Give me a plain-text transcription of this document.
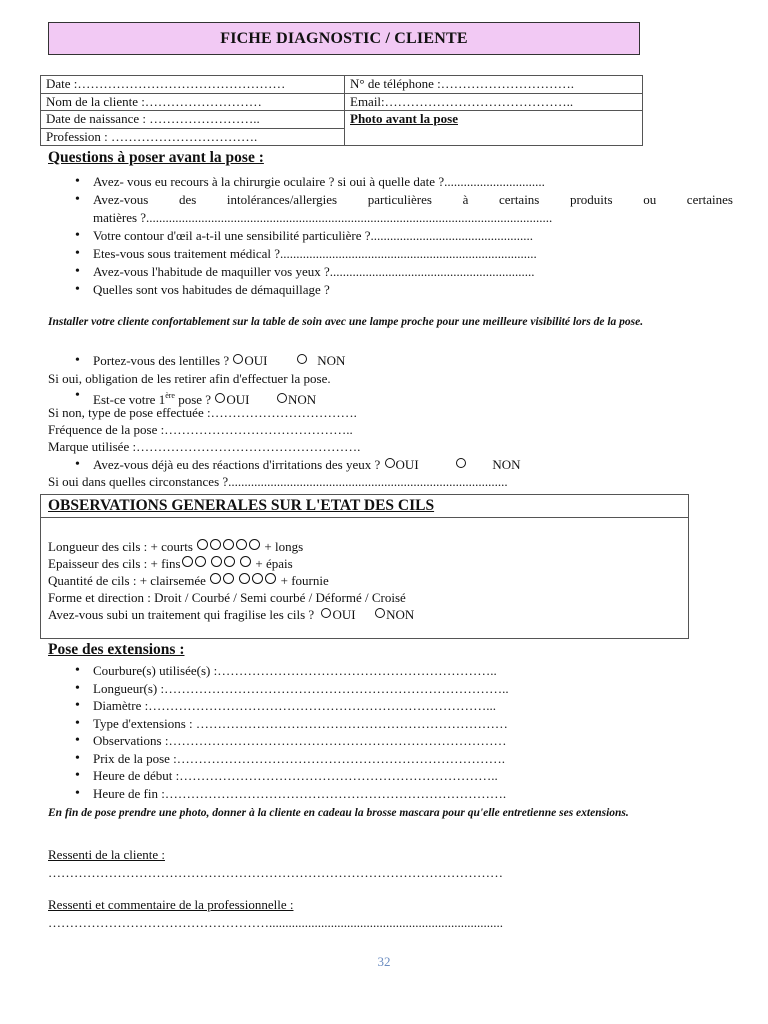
FICHE DIAGNOSTIC / CLIENTE
Date :…………………………………………	N° de téléphone :………………………….
Nom de la cliente :………………………	Email:……………………………………..
Date de naissance : ……………………..	Photo avant la pose
Profession : …………………………….	
Questions à poser avant la pose :
• Avez- vous eu recours à la chirurgie oculaire ? si oui à quelle date ?...............................
• Avez-vous des intolérances/allergies particulières à certains produits ou certaines
matières ?.............................................................................................................................
• Votre contour d'œil a-t-il une sensibilité particulière ?..................................................
• Etes-vous sous traitement médical ?...............................................................................
• Avez-vous l'habitude de maquiller vos yeux ?...............................................................
• Quelles sont vos habitudes de démaquillage ?
Installer votre cliente confortablement sur la table de soin avec une lampe proche pour une meilleure visibilité lors de la pose.
• Portez-vous des lentilles ? OUI	NON
Si oui, obligation de les retirer afin d'effectuer la pose.
• Est-ce votre 1ère pose ? OUI	NON
Si non, type de pose effectuée :…………………………….
Fréquence de la pose :……………………………………..
Marque utilisée :…………………………………………….
• Avez-vous déjà eu des réactions d'irritations des yeux ? OUI	NON
Si oui dans quelles circonstances ?......................................................................................
OBSERVATIONS GENERALES SUR L'ETAT DES CILS
Longueur des cils : + courts	+ longs
Epaisseur des cils : + fins	+ épais
Quantité de cils : + clairsemée	+ fournie
Forme et direction : Droit / Courbé / Semi courbé / Déformé / Croisé
Avez-vous subi un traitement qui fragilise les cils ? OUI NON
Pose des extensions :
• Courbure(s) utilisée(s) :………………………………………………………..
• Longueur(s) :……………………………………………………………………..
• Diamètre :……………………………………………………………………...
• Type d'extensions : ………………………………………………………………
• Observations :……………………………………………………………………
• Prix de la pose :………………………………………………………………….
• Heure de début :………………………………………………………………..
• Heure de fin :…………………………………………………………………….
En fin de pose prendre une photo, donner à la cliente en cadeau la brosse mascara pour qu'elle entretienne ses extensions.
Ressenti de la cliente :
……………………………………………………………………………………………
Ressenti et commentaire de la professionnelle :
……………………………………………........................................................................
32
